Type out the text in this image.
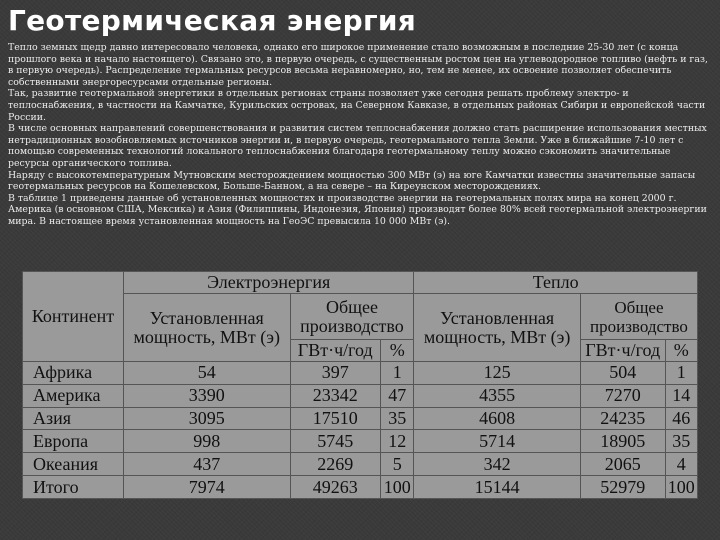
Геотермическая энергия

Тепло земных щедр давно интересовало человека, однако его широкое применение стало возможным в последние 25-30 лет (с конца прошлого века и начало настоящего). Связано это, в первую очередь, с существенным ростом цен на углеводородное топливо (нефть и газ, в первую очередь). Распределение термальных ресурсов весьма неравномерно, но, тем не менее, их освоение позволяет обеспечить собственными энергоресурсами отдельные регионы.

Так, развитие геотермальной энергетики в отдельных регионах страны позволяет уже сегодня решать проблему электро- и теплоснабжения, в частности на Камчатке, Курильских островах, на Северном Кавказе, в отдельных районах Сибири и европейской части России.

В числе основных направлений совершенствования и развития систем теплоснабжения должно стать расширение использования местных нетрадиционных возобновляемых источников энергии и, в первую очередь, геотермального тепла Земли. Уже в ближайшие 7-10 лет с помощью современных технологий локального теплоснабжения благодаря геотермальному теплу можно сэкономить значительные ресурсы органического топлива.

Наряду с высокотемпературным Мутновским месторождением мощностью 300 МВт (э) на юге Камчатки известны значительные запасы геотермальных ресурсов на Кошелевском, Больше-Банном, а на севере – на Киреунском месторождениях.

В таблице 1 приведены данные об установленных мощностях и производстве энергии на геотермальных полях мира на конец 2000 г.

Америка (в основном США, Мексика) и Азия (Филиппины, Индонезия, Япония) производят более 80% всей геотермальной электроэнергии мира. В настоящее время установленная мощность на ГеоЭС превысила 10 000 МВт (э).

Континент	Электроэнергия			Тепло		
	Установленная мощность, МВт (э)	Общее производство		Установленная мощность, МВт (э)	Общее производство	
		ГВт·ч/год	%		ГВт·ч/год	%
Африка	54	397	1	125	504	1
Америка	3390	23342	47	4355	7270	14
Азия	3095	17510	35	4608	24235	46
Европа	998	5745	12	5714	18905	35
Океания	437	2269	5	342	2065	4
Итого	7974	49263	100	15144	52979	100
